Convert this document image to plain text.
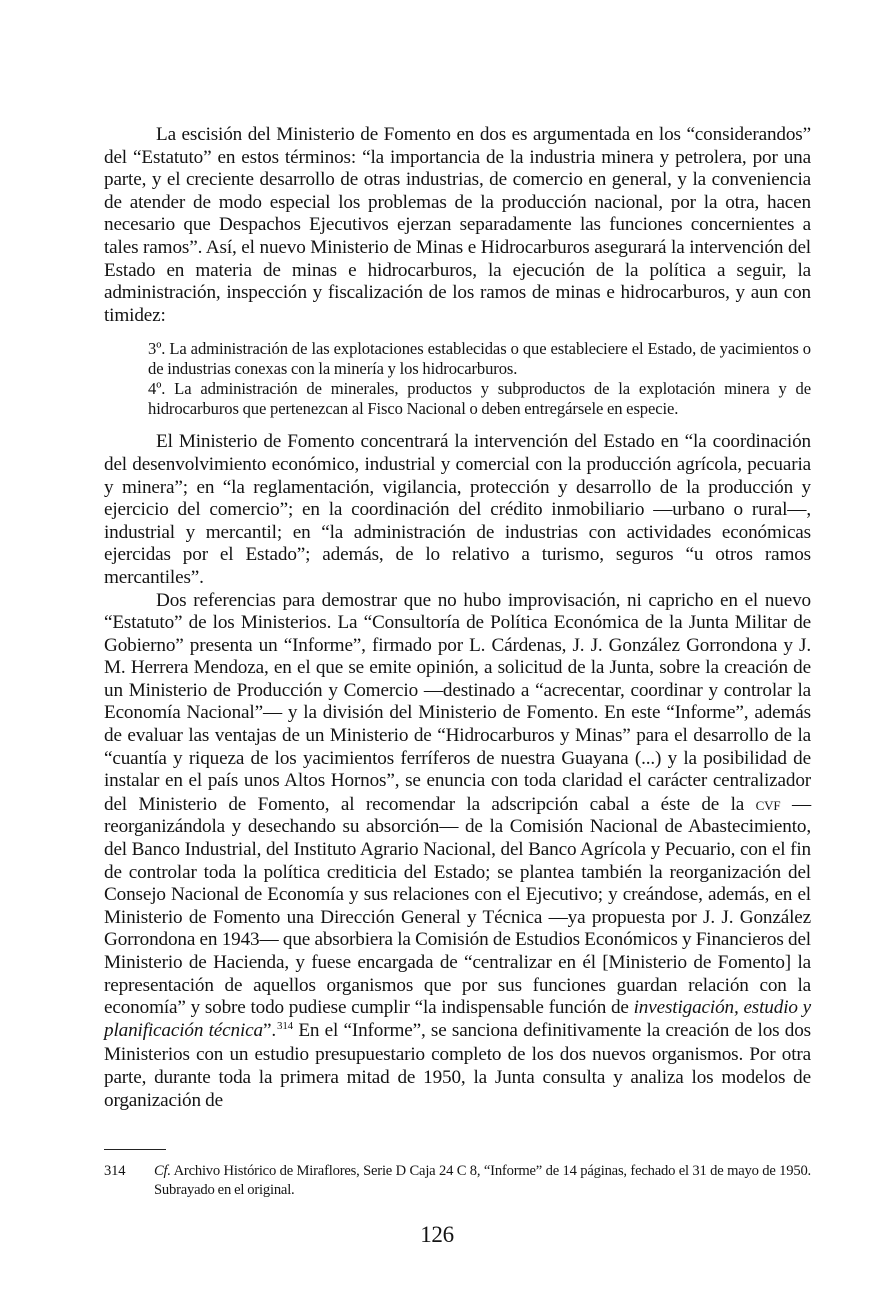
La escisión del Ministerio de Fomento en dos es argumentada en los “considerandos” del “Estatuto” en estos términos: “la importancia de la industria minera y petrolera, por una parte, y el creciente desarrollo de otras industrias, de comercio en general, y la conveniencia de atender de modo especial los problemas de la producción nacional, por la otra, hacen necesario que Despachos Ejecutivos ejerzan separadamente las funciones concernientes a tales ramos”. Así, el nuevo Ministerio de Minas e Hidrocarburos asegurará la intervención del Estado en materia de minas e hidrocarburos, la ejecución de la política a seguir, la administración, inspección y fiscalización de los ramos de minas e hidrocarburos, y aun con timidez:

3º. La administración de las explotaciones establecidas o que estableciere el Estado, de yacimientos o de industrias conexas con la minería y los hidrocarburos.

4º. La administración de minerales, productos y subproductos de la explotación minera y de hidrocarburos que pertenezcan al Fisco Nacional o deben entregársele en especie.

El Ministerio de Fomento concentrará la intervención del Estado en “la coordinación del desenvolvimiento económico, industrial y comercial con la producción agrícola, pecuaria y minera”; en “la reglamentación, vigilancia, protección y desarrollo de la producción y ejercicio del comercio”; en la coordinación del crédito inmobiliario —urbano o rural—, industrial y mercantil; en “la administración de industrias con actividades económicas ejercidas por el Estado”; además, de lo relativo a turismo, seguros “u otros ramos mercantiles”.

Dos referencias para demostrar que no hubo improvisación, ni capricho en el nuevo “Estatuto” de los Ministerios. La “Consultoría de Política Económica de la Junta Militar de Gobierno” presenta un “Informe”, firmado por L. Cárdenas, J. J. González Gorrondona y J. M. Herrera Mendoza, en el que se emite opinión, a solicitud de la Junta, sobre la creación de un Ministerio de Producción y Comercio —destinado a “acrecentar, coordinar y controlar la Economía Nacional”— y la división del Ministerio de Fomento. En este “Informe”, además de evaluar las ventajas de un Ministerio de “Hidrocarburos y Minas” para el desarrollo de la “cuantía y riqueza de los yacimientos ferríferos de nuestra Guayana (...) y la posibilidad de instalar en el país unos Altos Hornos”, se enuncia con toda claridad el carácter centralizador del Ministerio de Fomento, al recomendar la adscripción cabal a éste de la cvf —reorganizándola y desechando su absorción— de la Comisión Nacional de Abastecimiento, del Banco Industrial, del Instituto Agrario Nacional, del Banco Agrícola y Pecuario, con el fin de controlar toda la política crediticia del Estado; se plantea también la reorganización del Consejo Nacional de Economía y sus relaciones con el Ejecutivo; y creándose, además, en el Ministerio de Fomento una Dirección General y Técnica —ya propuesta por J. J. González Gorrondona en 1943— que absorbiera la Comisión de Estudios Económicos y Financieros del Ministerio de Hacienda, y fuese encargada de “centralizar en él [Ministerio de Fomento] la representación de aquellos organismos que por sus funciones guardan relación con la economía” y sobre todo pudiese cumplir “la indispensable función de investigación, estudio y planificación técnica”.$^{314}$ En el “Informe”, se sanciona definitivamente la creación de los dos Ministerios con un estudio presupuestario completo de los dos nuevos organismos. Por otra parte, durante toda la primera mitad de 1950, la Junta consulta y analiza los modelos de organización de

314 Cf. Archivo Histórico de Miraflores, Serie D Caja 24 C 8, “Informe” de 14 páginas, fechado el 31 de mayo de 1950. Subrayado en el original.
126
